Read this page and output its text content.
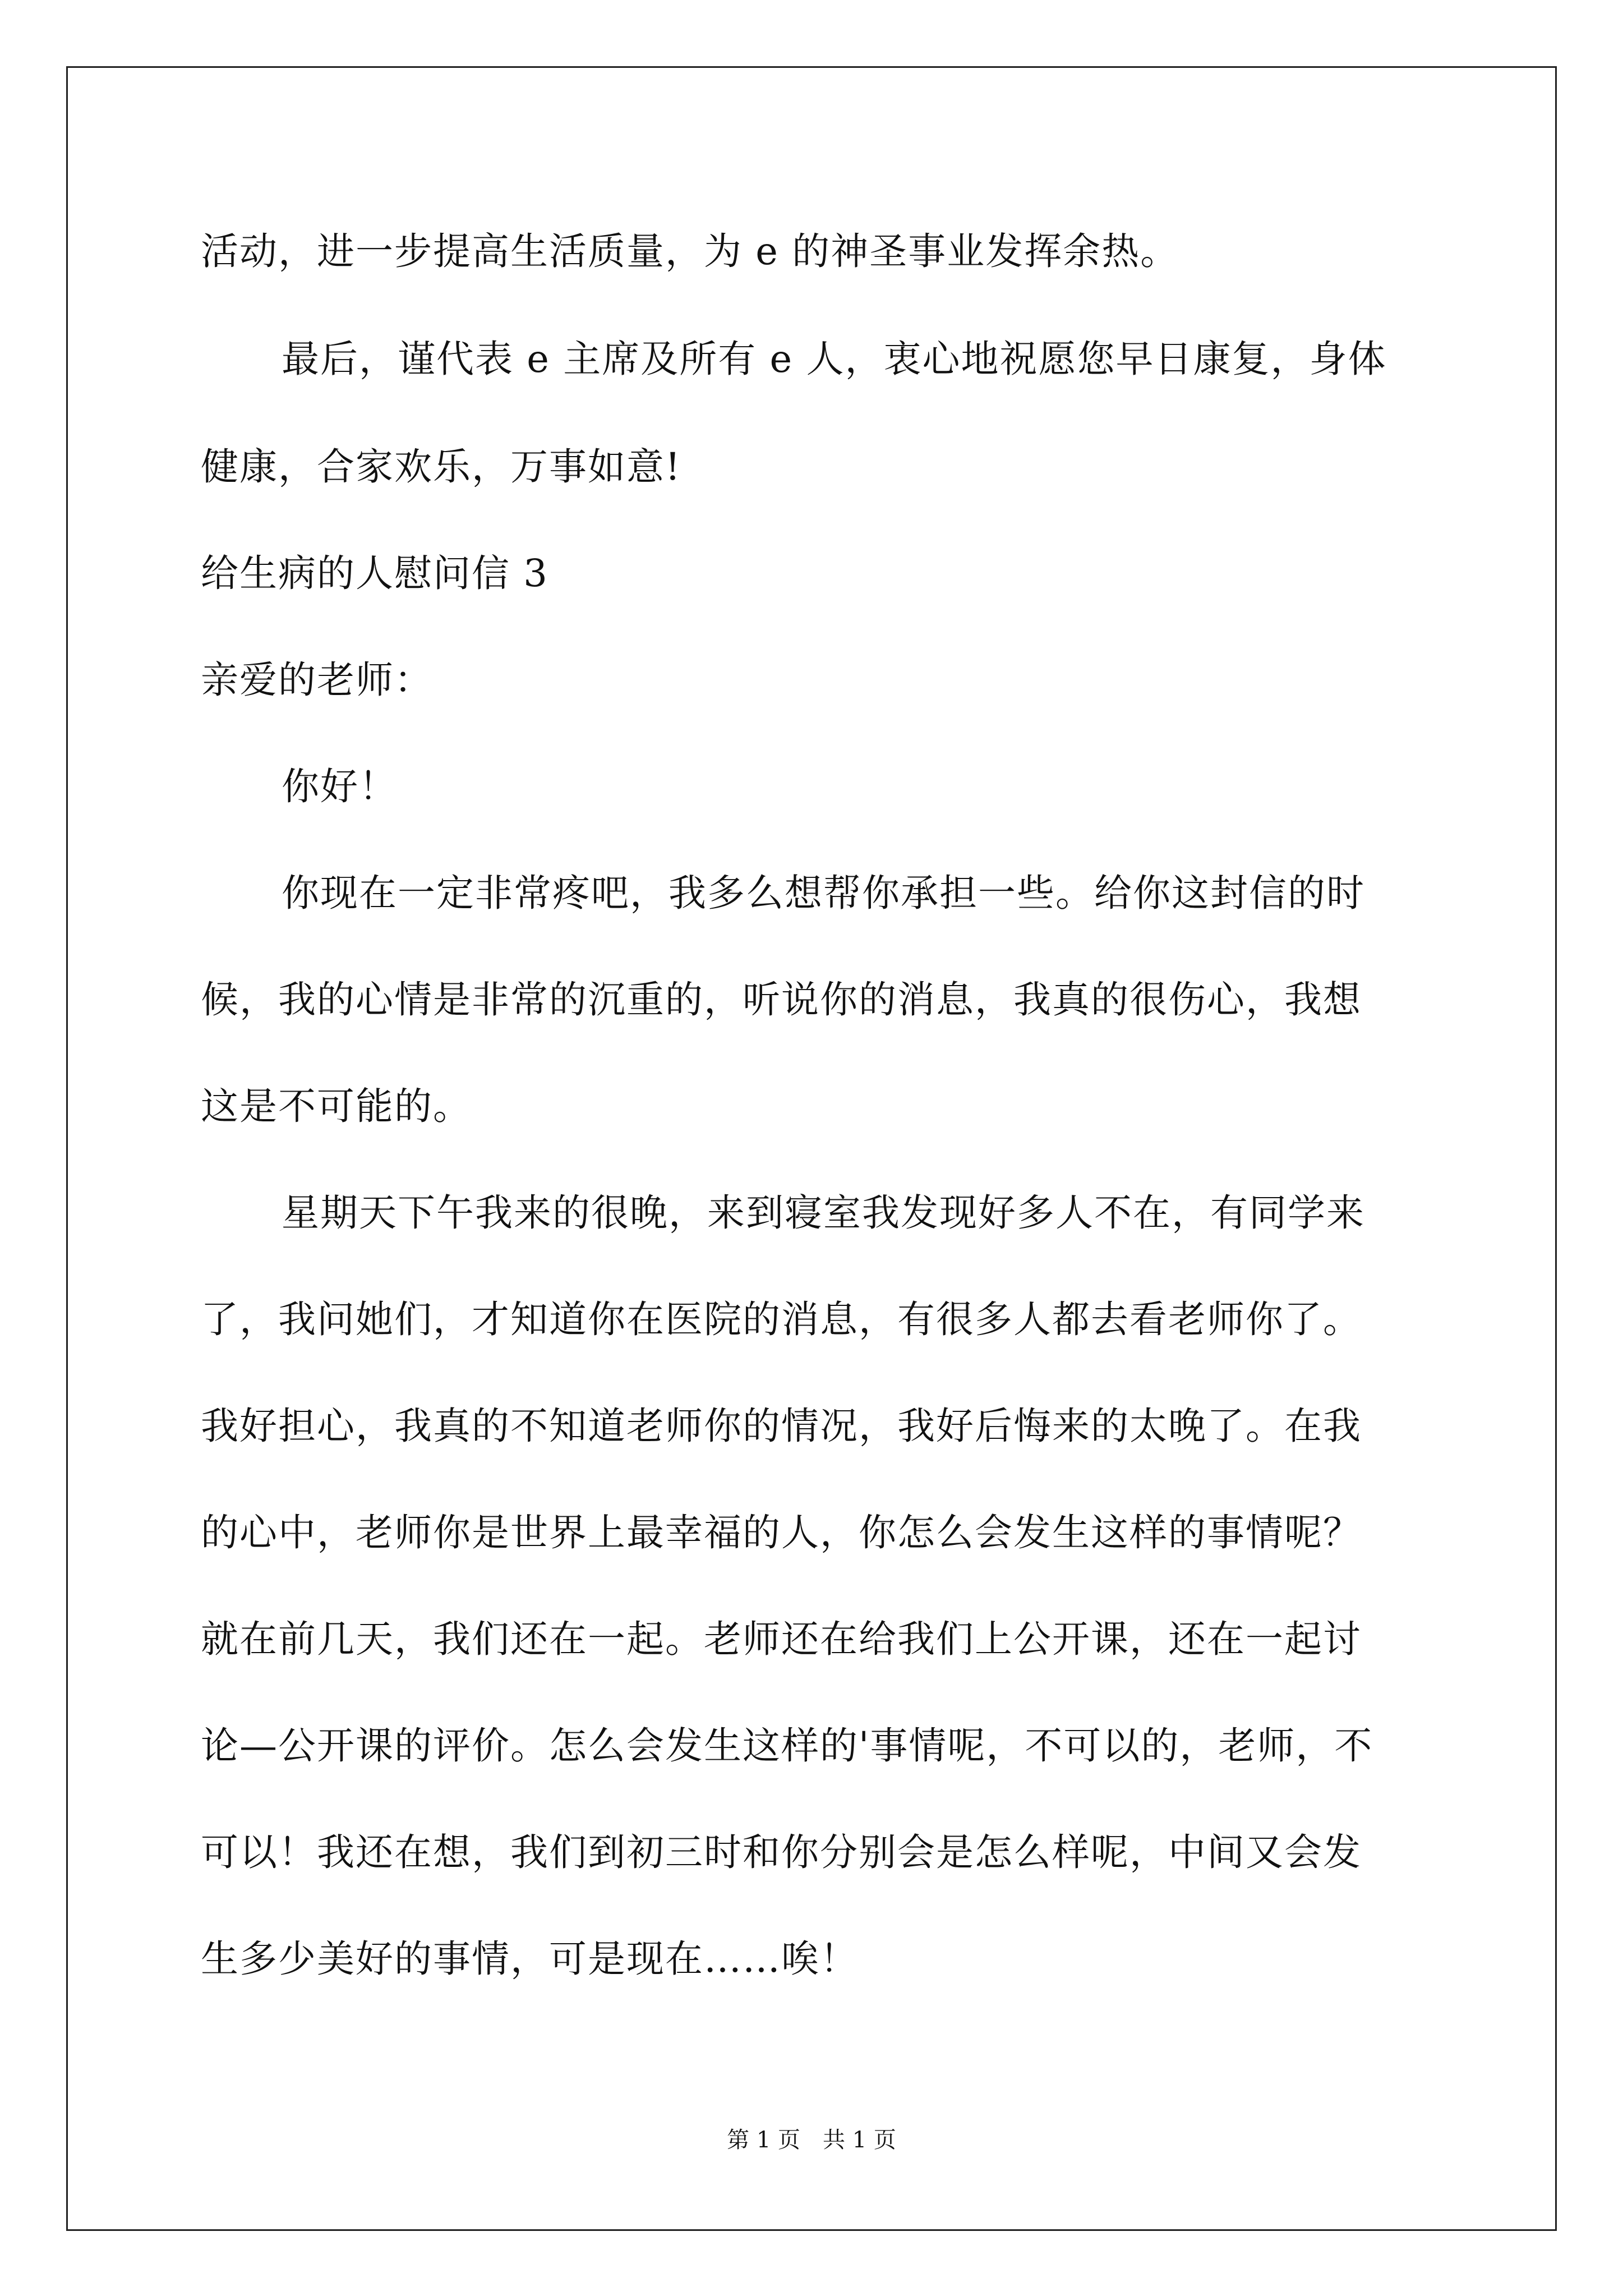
活动，进一步提高生活质量，为 e 的神圣事业发挥余热。
最后，谨代表 e 主席及所有 e 人，衷心地祝愿您早日康复，身体
健康，合家欢乐，万事如意!
给生病的人慰问信 3
亲爱的老师：
你好！
你现在一定非常疼吧，我多么想帮你承担一些。给你这封信的时
候，我的心情是非常的沉重的，听说你的消息，我真的很伤心，我想
这是不可能的。
星期天下午我来的很晚，来到寝室我发现好多人不在，有同学来
了，我问她们，才知道你在医院的消息，有很多人都去看老师你了。
我好担心，我真的不知道老师你的情况，我好后悔来的太晚了。在我
的心中，老师你是世界上最幸福的人，你怎么会发生这样的事情呢？
就在前几天，我们还在一起。老师还在给我们上公开课，还在一起讨
论—公开课的评价。怎么会发生这样的'事情呢，不可以的，老师，不
可以！我还在想，我们到初三时和你分别会是怎么样呢，中间又会发
生多少美好的事情，可是现在……唉！
第 1 页　共 1 页
